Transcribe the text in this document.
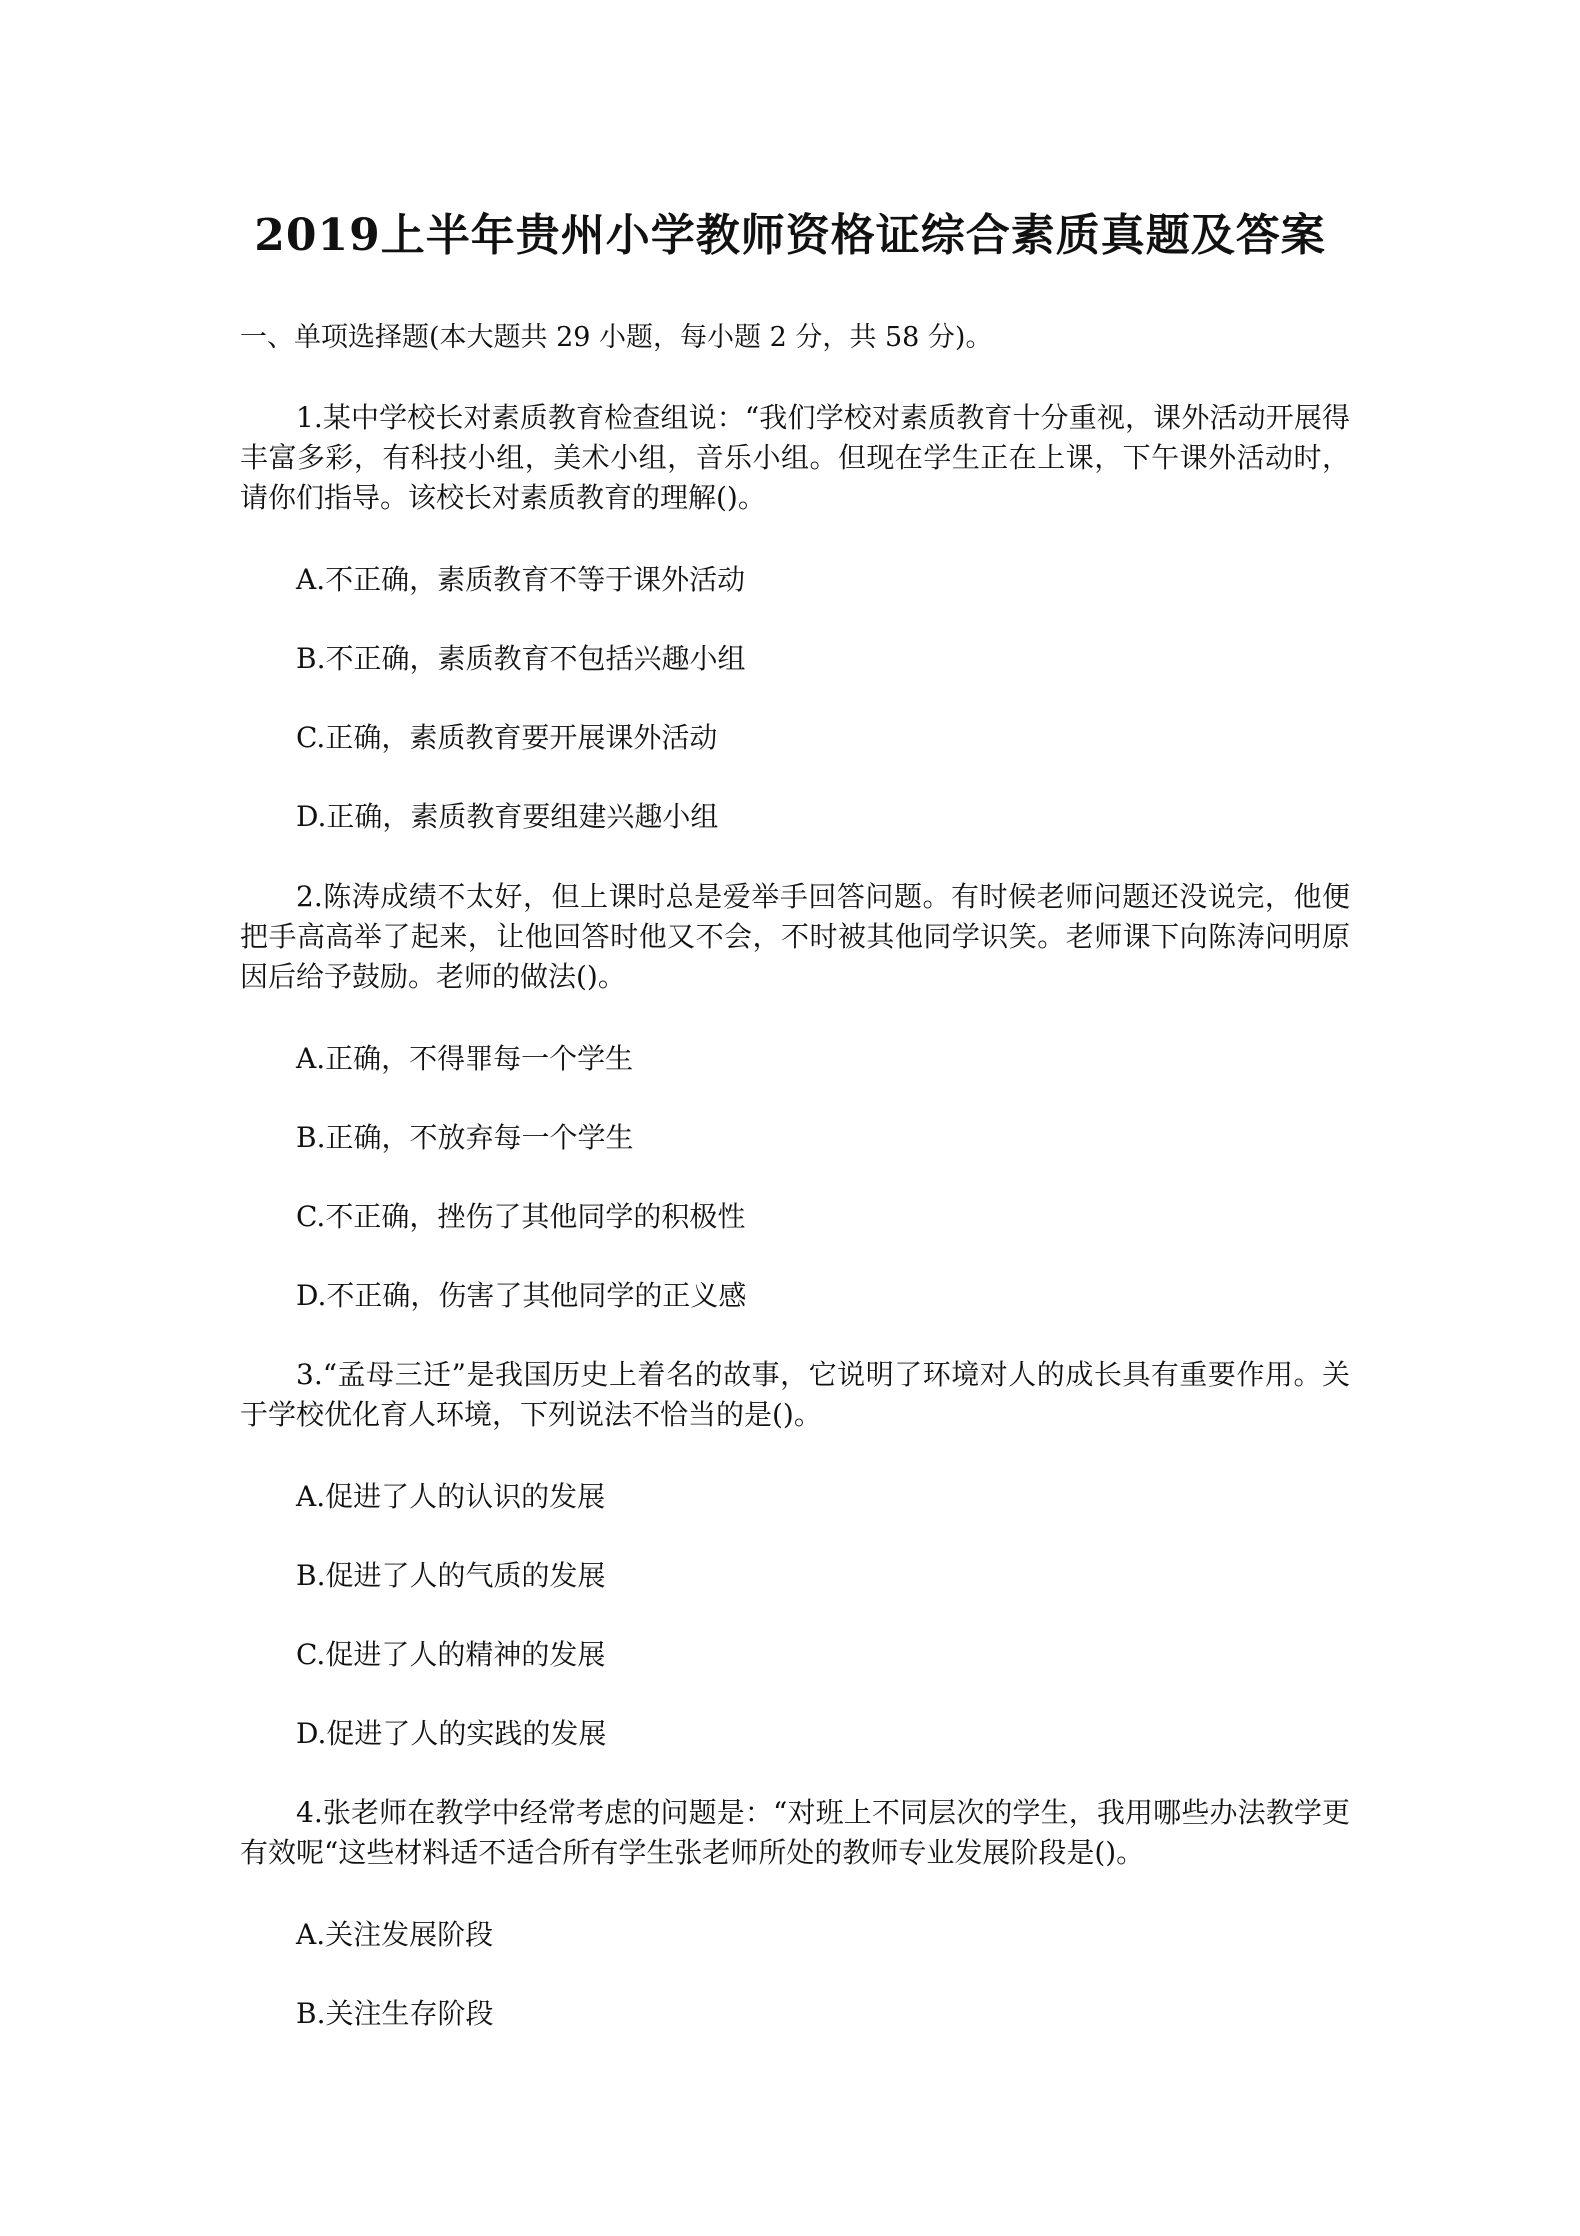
2019上半年贵州小学教师资格证综合素质真题及答案
一、单项选择题(本大题共 29 小题，每小题 2 分，共 58 分)。
1.某中学校长对素质教育检查组说：“我们学校对素质教育十分重视，课外活动开展得丰富多彩，有科技小组，美术小组，音乐小组。但现在学生正在上课，下午课外活动时，请你们指导。该校长对素质教育的理解()。
A.不正确，素质教育不等于课外活动
B.不正确，素质教育不包括兴趣小组
C.正确，素质教育要开展课外活动
D.正确，素质教育要组建兴趣小组
2.陈涛成绩不太好，但上课时总是爱举手回答问题。有时候老师问题还没说完，他便把手高高举了起来，让他回答时他又不会，不时被其他同学识笑。老师课下向陈涛问明原因后给予鼓励。老师的做法()。
A.正确，不得罪每一个学生
B.正确，不放弃每一个学生
C.不正确，挫伤了其他同学的积极性
D.不正确，伤害了其他同学的正义感
3.“孟母三迁”是我国历史上着名的故事，它说明了环境对人的成长具有重要作用。关于学校优化育人环境，下列说法不恰当的是()。
A.促进了人的认识的发展
B.促进了人的气质的发展
C.促进了人的精神的发展
D.促进了人的实践的发展
4.张老师在教学中经常考虑的问题是：“对班上不同层次的学生，我用哪些办法教学更有效呢“这些材料适不适合所有学生张老师所处的教师专业发展阶段是()。
A.关注发展阶段
B.关注生存阶段
